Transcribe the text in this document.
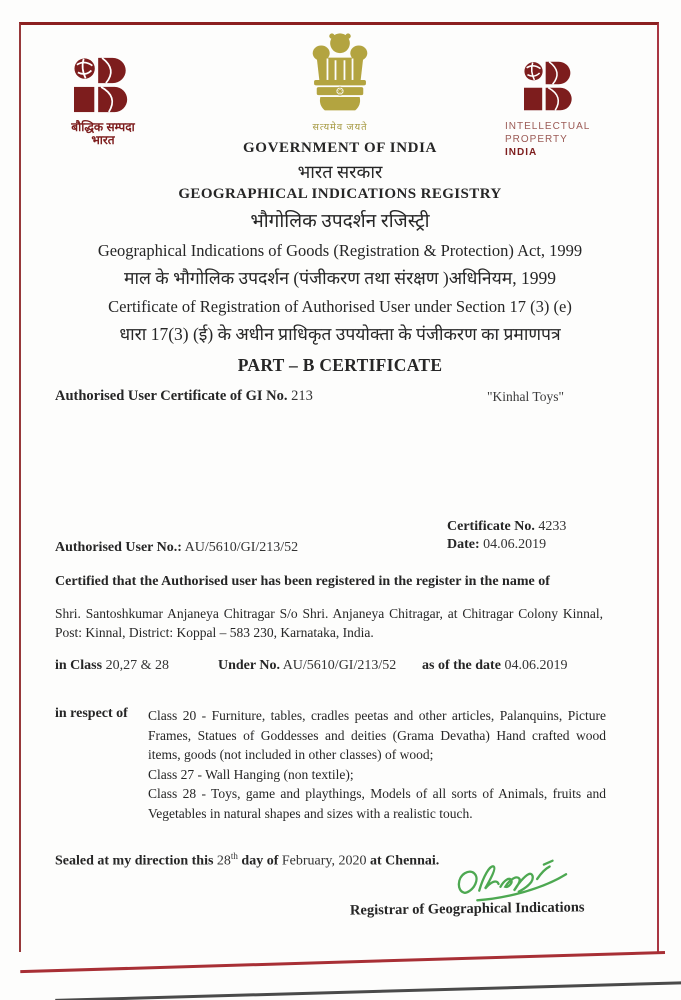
बौद्धिक सम्पदा
भारत
सत्यमेव जयते	INTELLECTUAL
PROPERTY INDIA
GOVERNMENT OF INDIA
भारत सरकार
GEOGRAPHICAL INDICATIONS REGISTRY
भौगोलिक उपदर्शन रजिस्ट्री
Geographical Indications of Goods (Registration & Protection) Act, 1999
माल के भौगोलिक उपदर्शन (पंजीकरण तथा संरक्षण )अधिनियम, 1999
Certificate of Registration of Authorised User under Section 17 (3) (e)
धारा 17(3) (ई) के अधीन प्राधिकृत उपयोक्ता के पंजीकरण का प्रमाणपत्र
PART – B CERTIFICATE
Authorised User Certificate of GI No. 213	"Kinhal Toys"
Certificate No. 4233
Date: 04.06.2019
Authorised User No.: AU/5610/GI/213/52
Certified that the Authorised user has been registered in the register in the name of
Shri. Santoshkumar Anjaneya Chitragar S/o Shri. Anjaneya Chitragar, at Chitragar Colony Kinnal, Post: Kinnal, District: Koppal – 583 230, Karnataka, India.
in Class 20,27 & 28	Under No. AU/5610/GI/213/52 as of the date 04.06.2019
in respect of Class 20 - Furniture, tables, cradles peetas and other articles, Palanquins, Picture Frames, Statues of Goddesses and deities (Grama Devatha) Hand crafted wood items, goods (not included in other classes) of wood;

Class 27 - Wall Hanging (non textile);

Class 28 - Toys, game and playthings, Models of all sorts of Animals, fruits and Vegetables in natural shapes and sizes with a realistic touch.

Sealed at my direction this 28th day of February, 2020 at Chennai.
Registrar of Geographical Indications
